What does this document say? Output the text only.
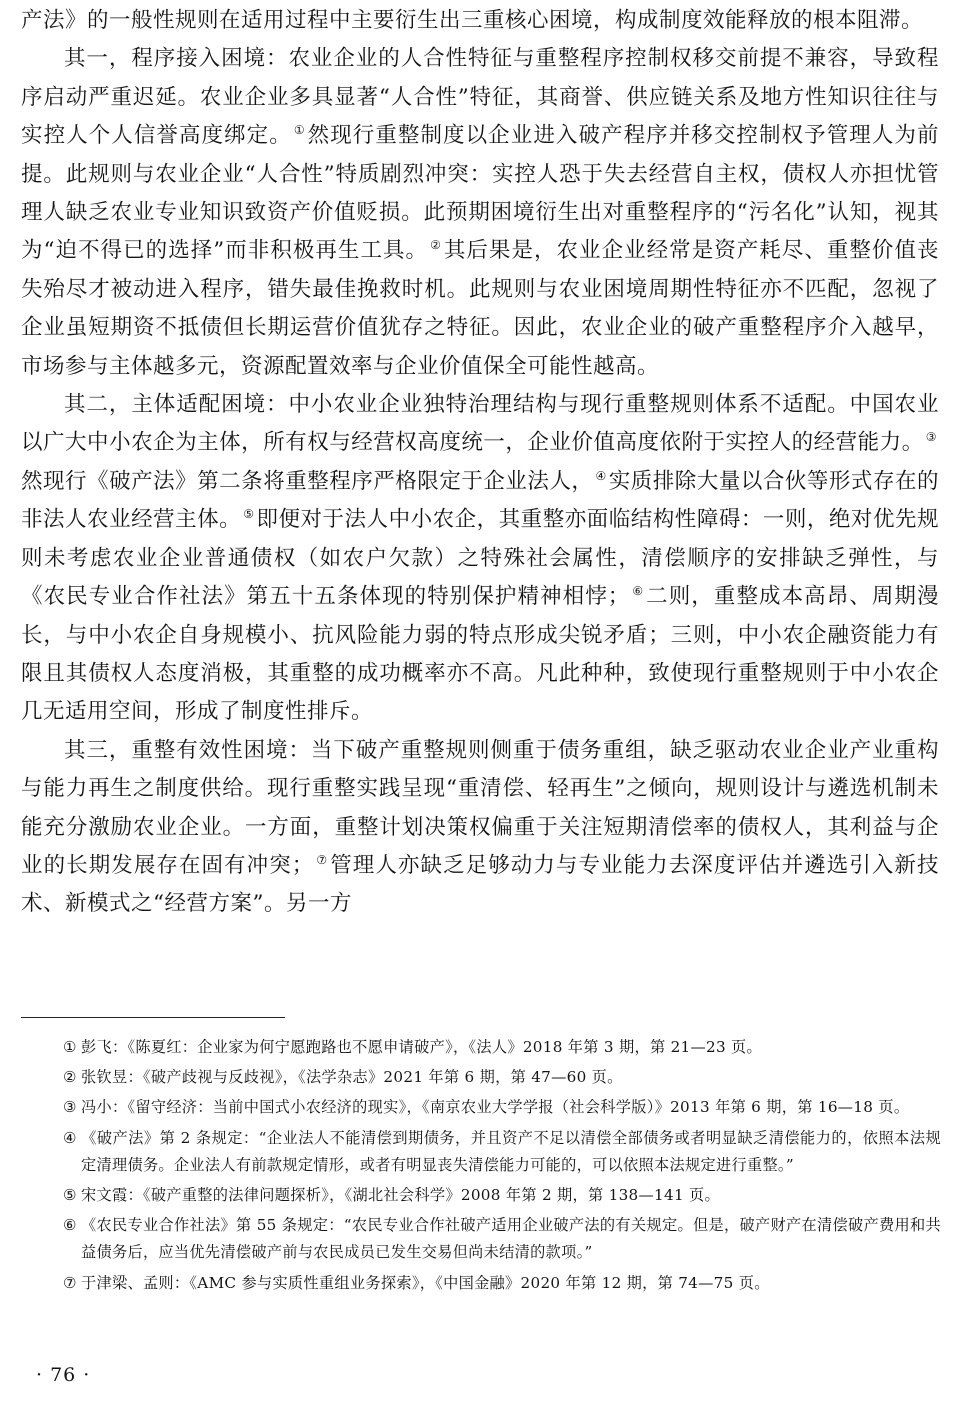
产法》的一般性规则在适用过程中主要衍生出三重核心困境，构成制度效能释放的根本阻滞。

其一，程序接入困境：农业企业的人合性特征与重整程序控制权移交前提不兼容，导致程序启动严重迟延。农业企业多具显著“人合性”特征，其商誉、供应链关系及地方性知识往往与实控人个人信誉高度绑定。 ①然现行重整制度以企业进入破产程序并移交控制权予管理人为前提。此规则与农业企业“人合性”特质剧烈冲突：实控人恐于失去经营自主权，债权人亦担忧管理人缺乏农业专业知识致资产价值贬损。此预期困境衍生出对重整程序的“污名化”认知，视其为“迫不得已的选择”而非积极再生工具。 ②其后果是，农业企业经常是资产耗尽、重整价值丧失殆尽才被动进入程序，错失最佳挽救时机。此规则与农业困境周期性特征亦不匹配，忽视了企业虽短期资不抵债但长期运营价值犹存之特征。因此，农业企业的破产重整程序介入越早，市场参与主体越多元，资源配置效率与企业价值保全可能性越高。

其二，主体适配困境：中小农业企业独特治理结构与现行重整规则体系不适配。中国农业以广大中小农企为主体，所有权与经营权高度统一，企业价值高度依附于实控人的经营能力。 ③然现行《破产法》第二条将重整程序严格限定于企业法人， ④实质排除大量以合伙等形式存在的非法人农业经营主体。 ⑤即便对于法人中小农企，其重整亦面临结构性障碍：一则，绝对优先规则未考虑农业企业普通债权（如农户欠款）之特殊社会属性，清偿顺序的安排缺乏弹性，与《农民专业合作社法》第五十五条体现的特别保护精神相悖； ⑥二则，重整成本高昂、周期漫长，与中小农企自身规模小、抗风险能力弱的特点形成尖锐矛盾；三则，中小农企融资能力有限且其债权人态度消极，其重整的成功概率亦不高。凡此种种，致使现行重整规则于中小农企几无适用空间，形成了制度性排斥。

其三，重整有效性困境：当下破产重整规则侧重于债务重组，缺乏驱动农业企业产业重构与能力再生之制度供给。现行重整实践呈现“重清偿、轻再生”之倾向，规则设计与遴选机制未能充分激励农业企业。一方面，重整计划决策权偏重于关注短期清偿率的债权人，其利益与企业的长期发展存在固有冲突； ⑦管理人亦缺乏足够动力与专业能力去深度评估并遴选引入新技术、新模式之“经营方案”。另一方

① 彭飞：《陈夏红：企业家为何宁愿跑路也不愿申请破产》，《法人》2018 年第 3 期，第 21—23 页。
② 张钦昱：《破产歧视与反歧视》，《法学杂志》2021 年第 6 期，第 47—60 页。
③ 冯小：《留守经济：当前中国式小农经济的现实》，《南京农业大学学报（社会科学版）》2013 年第 6 期，第 16—18 页。
④ 《破产法》第 2 条规定：“企业法人不能清偿到期债务，并且资产不足以清偿全部债务或者明显缺乏清偿能力的，依照本法规定清理债务。企业法人有前款规定情形，或者有明显丧失清偿能力可能的，可以依照本法规定进行重整。”
⑤ 宋文霞：《破产重整的法律问题探析》，《湖北社会科学》2008 年第 2 期，第 138—141 页。
⑥ 《农民专业合作社法》第 55 条规定：“农民专业合作社破产适用企业破产法的有关规定。但是，破产财产在清偿破产费用和共益债务后，应当优先清偿破产前与农民成员已发生交易但尚未结清的款项。”
⑦ 于津梁、孟则：《AMC 参与实质性重组业务探索》，《中国金融》2020 年第 12 期，第 74—75 页。
· 76 ·
